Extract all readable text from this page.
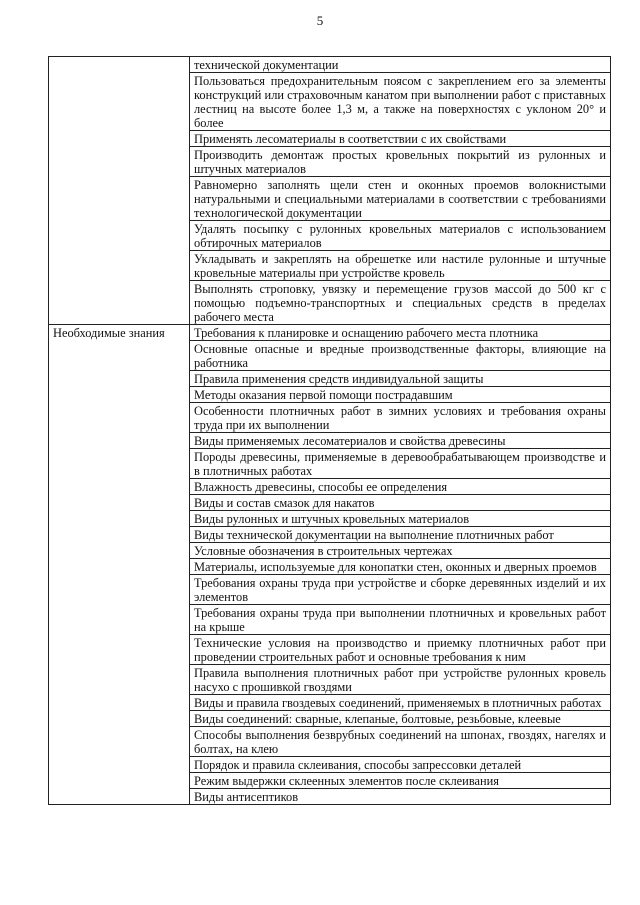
5
	технической документации
	Пользоваться предохранительным поясом с закреплением его за элементы конструкций или страховочным канатом при выполнении работ с приставных лестниц на высоте более 1,3 м, а также на поверхностях с уклоном 20° и более
	Применять лесоматериалы в соответствии с их свойствами
	Производить демонтаж простых кровельных покрытий из рулонных и штучных материалов
	Равномерно заполнять щели стен и оконных проемов волокнистыми натуральными и специальными материалами в соответствии с требованиями технологической документации
	Удалять посыпку с рулонных кровельных материалов с использованием обтирочных материалов
	Укладывать и закреплять на обрешетке или настиле рулонные и штучные кровельные материалы при устройстве кровель
	Выполнять строповку, увязку и перемещение грузов массой до 500 кг с помощью подъемно-транспортных и специальных средств в пределах рабочего места
Необходимые знания	Требования к планировке и оснащению рабочего места плотника
	Основные опасные и вредные производственные факторы, влияющие на работника
	Правила применения средств индивидуальной защиты
	Методы оказания первой помощи пострадавшим
	Особенности плотничных работ в зимних условиях и требования охраны труда при их выполнении
	Виды применяемых лесоматериалов и свойства древесины
	Породы древесины, применяемые в деревообрабатывающем производстве и в плотничных работах
	Влажность древесины, способы ее определения
	Виды и состав смазок для накатов
	Виды рулонных и штучных кровельных материалов
	Виды технической документации на выполнение плотничных работ
	Условные обозначения в строительных чертежах
	Материалы, используемые для конопатки стен, оконных и дверных проемов
	Требования охраны труда при устройстве и сборке деревянных изделий и их элементов
	Требования охраны труда при выполнении плотничных и кровельных работ на крыше
	Технические условия на производство и приемку плотничных работ при проведении строительных работ и основные требования к ним
	Правила выполнения плотничных работ при устройстве рулонных кровель насухо с прошивкой гвоздями
	Виды и правила гвоздевых соединений, применяемых в плотничных работах
	Виды соединений: сварные, клепаные, болтовые, резьбовые, клеевые
	Способы выполнения безврубных соединений на шпонах, гвоздях, нагелях и болтах, на клею
	Порядок и правила склеивания, способы запрессовки деталей
	Режим выдержки склеенных элементов после склеивания
	Виды антисептиков
